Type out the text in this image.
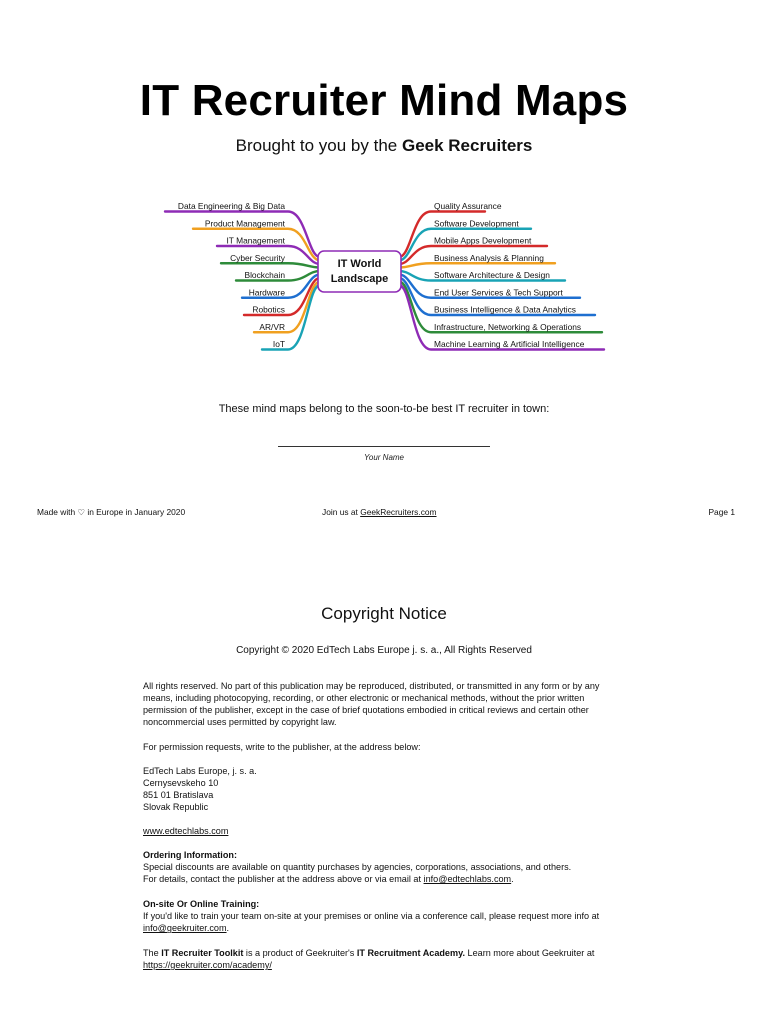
IT Recruiter Mind Maps
Brought to you by the Geek Recruiters
Data Engineering & Big Data
Product Management
IT Management
Cyber Security
Blockchain
Hardware
Robotics
AR/VR
IoT
Quality Assurance
Software Development
Mobile Apps Development
Business Analysis & Planning
Software Architecture & Design
End User Services & Tech Support
Business Intelligence & Data Analytics
Infrastructure, Networking & Operations
Machine Learning & Artificial Intelligence
IT World
Landscape
These mind maps belong to the soon-to-be best IT recruiter in town:
Your Name
Made with ♡ in Europe in January 2020	Join us at GeekRecruiters.com	Page 1
Copyright Notice
Copyright © 2020 EdTech Labs Europe j. s. a., All Rights Reserved
All rights reserved. No part of this publication may be reproduced, distributed, or transmitted in any form or by any means, including photocopying, recording, or other electronic or mechanical methods, without the prior written permission of the publisher, except in the case of brief quotations embodied in critical reviews and certain other noncommercial uses permitted by copyright law.
For permission requests, write to the publisher, at the address below:
EdTech Labs Europe, j. s. a.
Cernysevskeho 10
851 01 Bratislava
Slovak Republic
www.edtechlabs.com
Ordering Information:
Special discounts are available on quantity purchases by agencies, corporations, associations, and others.
For details, contact the publisher at the address above or via email at info@edtechlabs.com.
On-site Or Online Training:
If you'd like to train your team on-site at your premises or online via a conference call, please request more info at info@geekruiter.com.
The IT Recruiter Toolkit is a product of Geekruiter's IT Recruitment Academy. Learn more about Geekruiter at https://geekruiter.com/academy/
